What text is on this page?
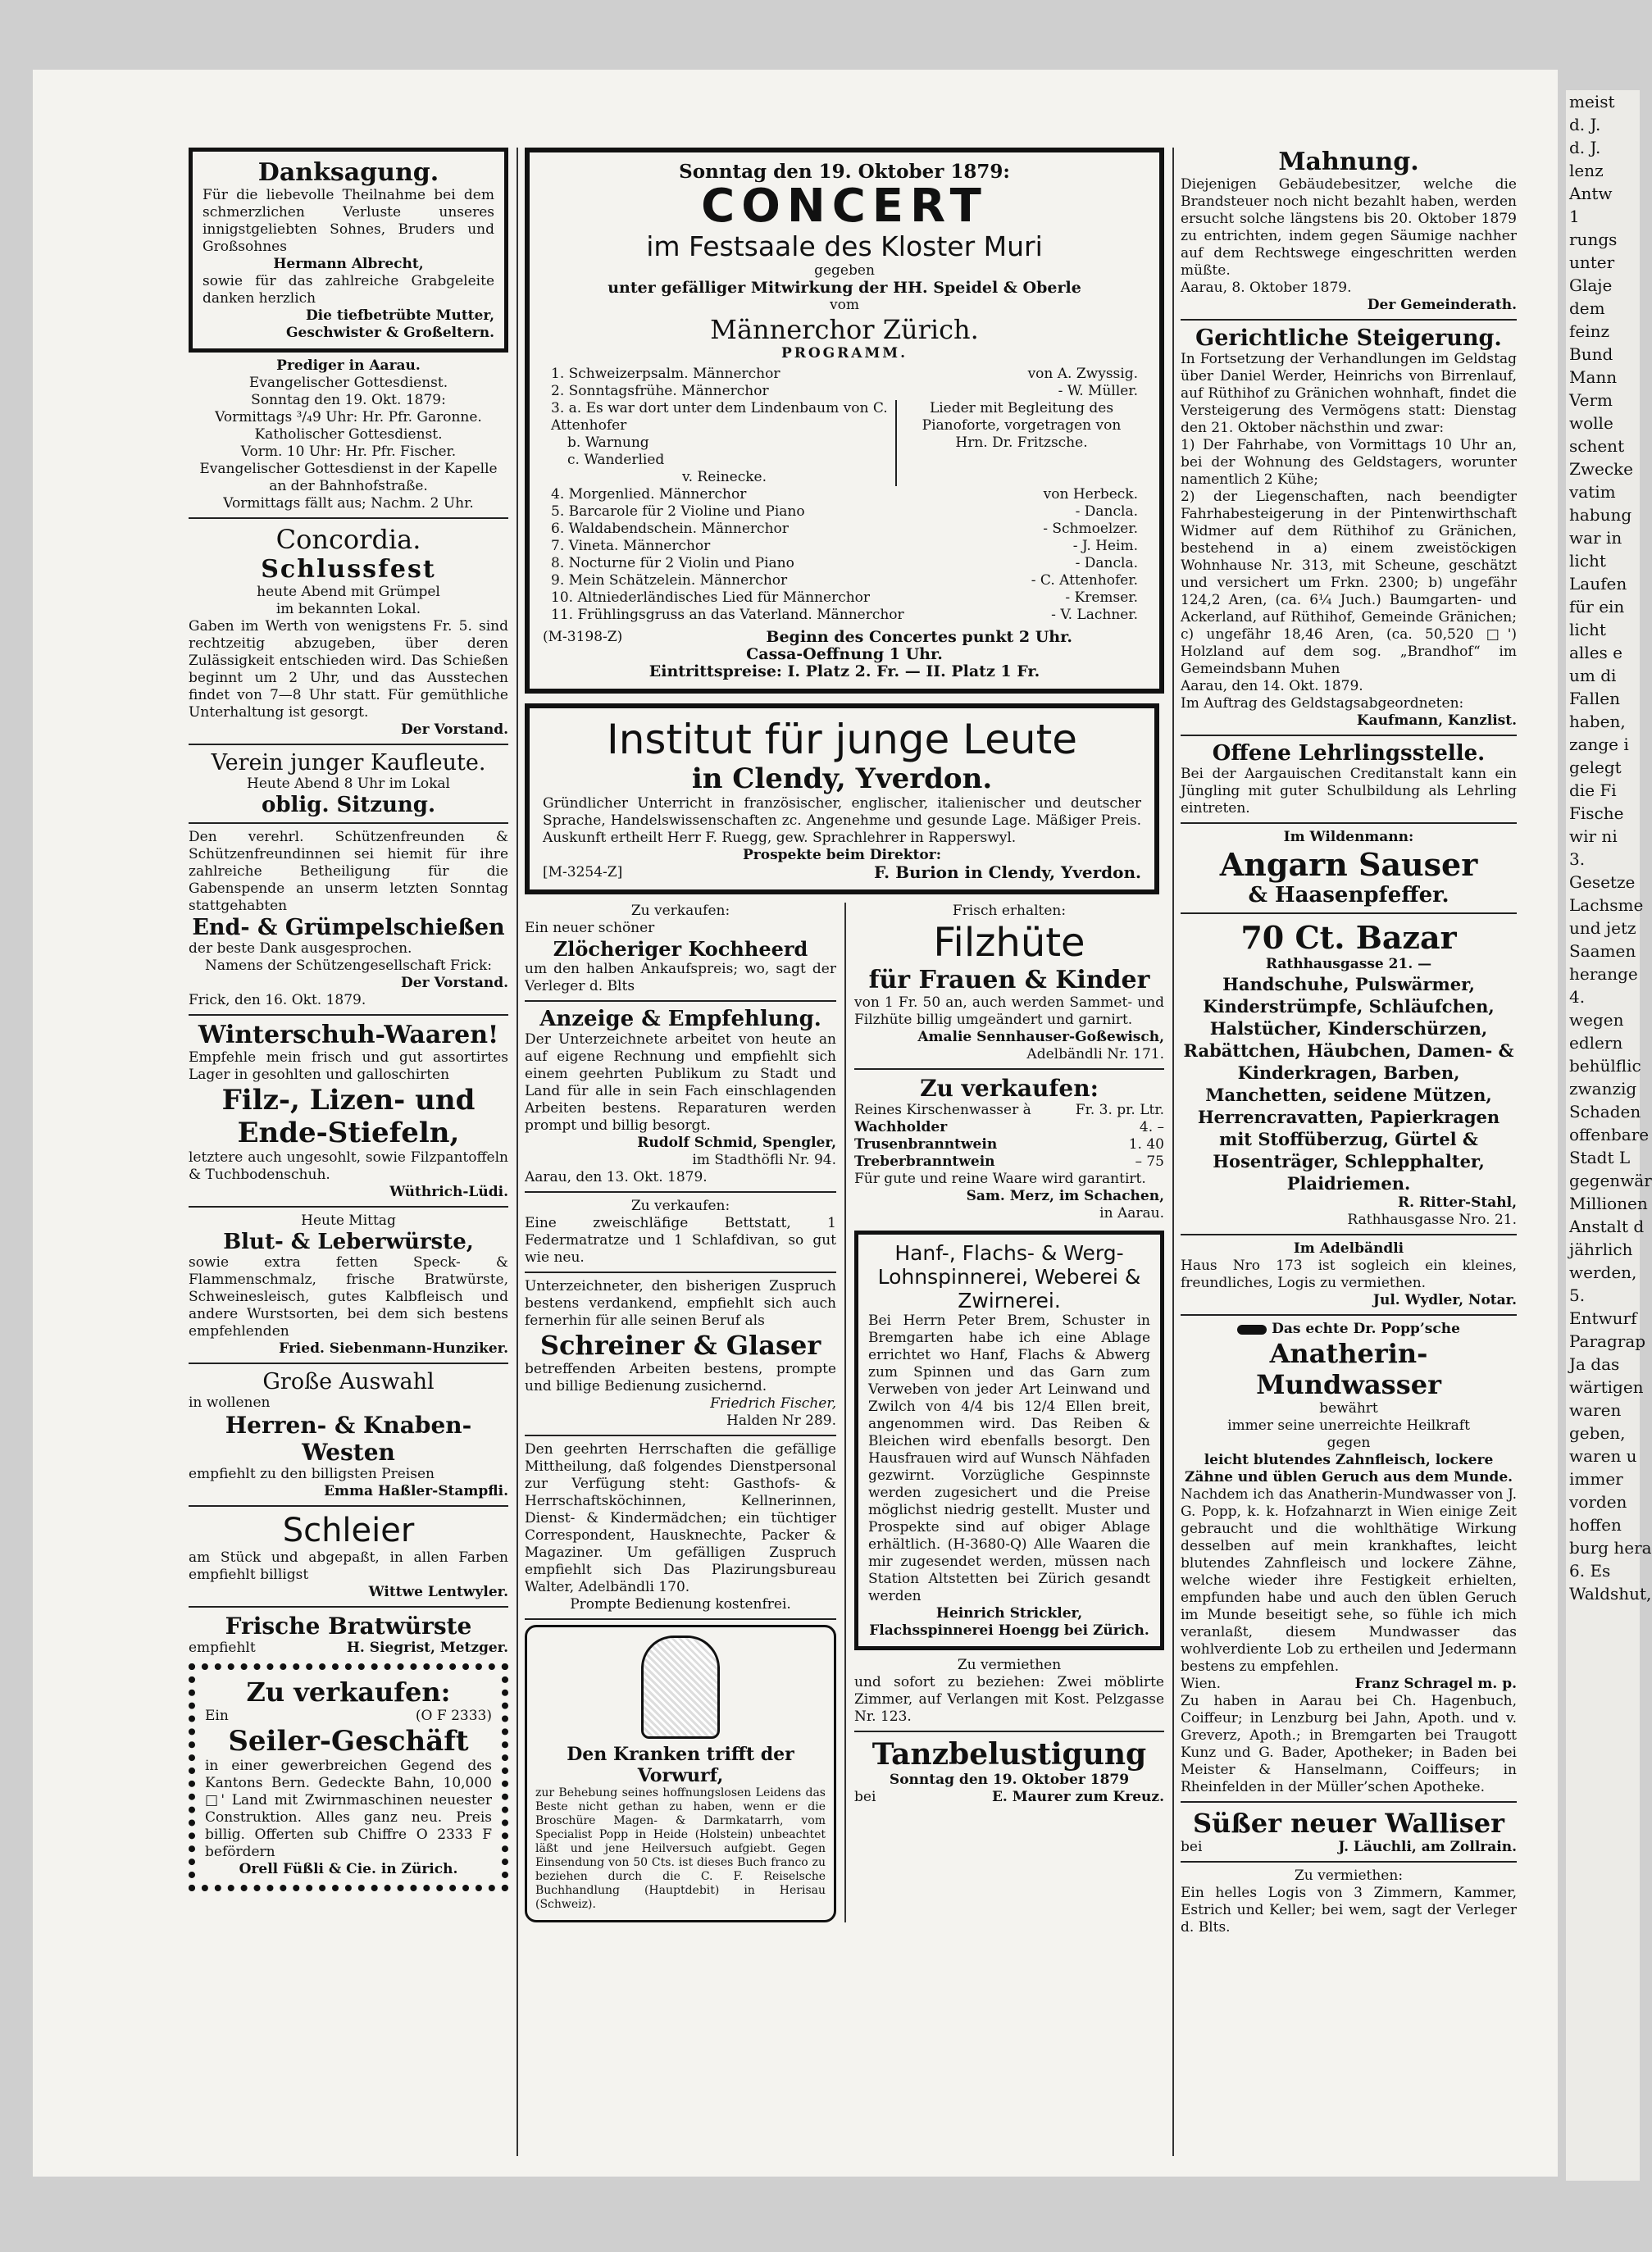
meist
d. J.
d. J.
lenz
Antw
1
rungs
unter
Glaje
dem
feinz
Bund
Mann
Verm
wolle
schent
Zwecke
vatim
habung
war in
licht
Laufen
für ein
licht
alles e
um di
Fallen
haben,
zange i
gelegt
die Fi
Fische
wir ni
3.
Gesetze
Lachsme
und jetz
Saamen
herange
4.
wegen
edlern
behülflic
zwanzig
Schaden
offenbare
Stadt L
gegenwär
Millionen
Anstalt d
jährlich
werden,
5.
Entwurf
Paragrap
Ja das
wärtigen
waren
geben,
waren u
immer
vorden
hoffen
burg hera
6. Es
Waldshut,

Danksagung.

Für die liebevolle Theilnahme bei dem schmerzlichen Verluste unseres innigstgeliebten Sohnes, Bruders und Großsohnes

Hermann Albrecht,

sowie für das zahlreiche Grabgeleite danken herzlich

Die tiefbetrübte Mutter,

Geschwister & Großeltern.

Prediger in Aarau.

Evangelischer Gottesdienst.

Sonntag den 19. Okt. 1879:

Vormittags ³/₄9 Uhr: Hr. Pfr. Garonne.

Katholischer Gottesdienst.

Vorm. 10 Uhr: Hr. Pfr. Fischer.

Evangelischer Gottesdienst in der Kapelle

an der Bahnhofstraße.

Vormittags fällt aus; Nachm. 2 Uhr.

Concordia.

Schlussfest

heute Abend mit Grümpel

im bekannten Lokal.

Gaben im Werth von wenigstens Fr. 5. sind rechtzeitig abzugeben, über deren Zulässigkeit entschieden wird. Das Schießen beginnt um 2 Uhr, und das Ausstechen findet von 7—8 Uhr statt. Für gemüthliche Unterhaltung ist gesorgt.

Der Vorstand.

Verein junger Kaufleute.

Heute Abend 8 Uhr im Lokal

oblig. Sitzung.

Den verehrl. Schützenfreunden & Schützenfreundinnen sei hiemit für ihre zahlreiche Betheiligung für die Gabenspende an unserm letzten Sonntag stattgehabten

End- & Grümpelschießen

der beste Dank ausgesprochen.

Namens der Schützengesellschaft Frick:

Der Vorstand.

Frick, den 16. Okt. 1879.

Winterschuh-Waaren!

Empfehle mein frisch und gut assortirtes Lager in gesohlten und galloschirten

Filz-, Lizen- und

Ende-Stiefeln,

letztere auch ungesohlt, sowie Filzpantoffeln & Tuchbodenschuh.

Wüthrich-Lüdi.

Heute Mittag

Blut- & Leberwürste,

sowie extra fetten Speck- & Flammenschmalz, frische Bratwürste, Schweinesleisch, gutes Kalbfleisch und andere Wurstsorten, bei dem sich bestens empfehlenden

Fried. Siebenmann-Hunziker.

Große Auswahl

in wollenen

Herren- & Knaben-Westen

empfiehlt zu den billigsten Preisen

Emma Haßler-Stampfli.

Schleier

am Stück und abgepaßt, in allen Farben empfiehlt billigst

Wittwe Lentwyler.

Frische Bratwürste

empfiehlt	H. Siegrist, Metzger.

Zu verkaufen:

Ein	(O F 2333)

Seiler-Geschäft

in einer gewerbreichen Gegend des Kantons Bern. Gedeckte Bahn, 10,000 □' Land mit Zwirnmaschinen neuester Construktion. Alles ganz neu. Preis billig. Offerten sub Chiffre O 2333 F befördern

Orell Füßli & Cie. in Zürich.

Sonntag den 19. Oktober 1879:

CONCERT

im Festsaale des Kloster Muri

gegeben

unter gefälliger Mitwirkung der HH. Speidel & Oberle

vom

Männerchor Zürich.

PROGRAMM.

1. Schweizerpsalm. Männerchor	von A. Zwyssig.
2. Sonntagsfrühe. Männerchor	- W. Müller.
3. a. Es war dort unter dem Lindenbaum von C. Attenhofer
b. Warnung
c. Wanderlied
v. Reinecke.
Lieder mit Begleitung des Pianoforte, vorgetragen von Hrn. Dr. Fritzsche.
4. Morgenlied. Männerchor	von Herbeck.
5. Barcarole für 2 Violine und Piano	- Dancla.
6. Waldabendschein. Männerchor	- Schmoelzer.
7. Vineta. Männerchor	- J. Heim.
8. Nocturne für 2 Violin und Piano	- Dancla.
9. Mein Schätzelein. Männerchor	- C. Attenhofer.
10. Altniederländisches Lied für Männerchor	- Kremser.
11. Frühlingsgruss an das Vaterland. Männerchor	- V. Lachner.
(M-3198-Z)	Beginn des Concertes punkt 2 Uhr.

Cassa-Oeffnung 1 Uhr.

Eintrittspreise: I. Platz 2. Fr. — II. Platz 1 Fr.

Institut für junge Leute

in Clendy, Yverdon.

Gründlicher Unterricht in französischer, englischer, italienischer und deutscher Sprache, Handelswissenschaften zc. Angenehme und gesunde Lage. Mäßiger Preis. Auskunft ertheilt Herr F. Ruegg, gew. Sprachlehrer in Rapperswyl.

Prospekte beim Direktor:

[M-3254-Z]	F. Burion in Clendy, Yverdon.

Zu verkaufen:

Ein neuer schöner

Zlöcheriger Kochheerd

um den halben Ankaufspreis; wo, sagt der Verleger d. Blts

Anzeige & Empfehlung.

Der Unterzeichnete arbeitet von heute an auf eigene Rechnung und empfiehlt sich einem geehrten Publikum zu Stadt und Land für alle in sein Fach einschlagenden Arbeiten bestens. Reparaturen werden prompt und billig besorgt.

Rudolf Schmid, Spengler,

im Stadthöfli Nr. 94.

Aarau, den 13. Okt. 1879.

Zu verkaufen:

Eine zweischläfige Bettstatt, 1 Federmatratze und 1 Schlafdivan, so gut wie neu.

Unterzeichneter, den bisherigen Zuspruch bestens verdankend, empfiehlt sich auch fernerhin für alle seinen Beruf als

Schreiner & Glaser

betreffenden Arbeiten bestens, prompte und billige Bedienung zusichernd.

Friedrich Fischer,

Halden Nr 289.

Den geehrten Herrschaften die gefällige Mittheilung, daß folgendes Dienstpersonal zur Verfügung steht: Gasthofs- & Herrschaftsköchinnen, Kellnerinnen, Dienst- & Kindermädchen; ein tüchtiger Correspondent, Hausknechte, Packer & Magaziner. Um gefälligen Zuspruch empfiehlt sich Das Plazirungsbureau Walter, Adelbändli 170.

Prompte Bedienung kostenfrei.

Den Kranken trifft der Vorwurf,

zur Behebung seines hoffnungslosen Leidens das Beste nicht gethan zu haben, wenn er die Broschüre Magen- & Darmkatarrh, vom Specialist Popp in Heide (Holstein) unbeachtet läßt und jene Heilversuch aufgiebt. Gegen Einsendung von 50 Cts. ist dieses Buch franco zu beziehen durch die C. F. Reiselsche Buchhandlung (Hauptdebit) in Herisau (Schweiz).

Frisch erhalten:

Filzhüte

für Frauen & Kinder

von 1 Fr. 50 an, auch werden Sammet- und Filzhüte billig umgeändert und garnirt.

Amalie Sennhauser-Goßewisch,

Adelbändli Nr. 171.

Zu verkaufen:

Reines Kirschenwasser à	Fr. 3. pr. Ltr.
Wachholder	4. –
Trusenbranntwein	1. 40
Treberbranntwein	– 75

Für gute und reine Waare wird garantirt.

Sam. Merz, im Schachen,

in Aarau.

Hanf-, Flachs- & Werg-Lohnspinnerei, Weberei & Zwirnerei.

Bei Herrn Peter Brem, Schuster in Bremgarten habe ich eine Ablage errichtet wo Hanf, Flachs & Abwerg zum Spinnen und das Garn zum Verweben von jeder Art Leinwand und Zwilch von 4/4 bis 12/4 Ellen breit, angenommen wird. Das Reiben & Bleichen wird ebenfalls besorgt. Den Hausfrauen wird auf Wunsch Nähfaden gezwirnt. Vorzügliche Gespinnste werden zugesichert und die Preise möglichst niedrig gestellt. Muster und Prospekte sind auf obiger Ablage erhältlich. (H-3680-Q) Alle Waaren die mir zugesendet werden, müssen nach Station Altstetten bei Zürich gesandt werden

Heinrich Strickler,

Flachsspinnerei Hoengg bei Zürich.

Zu vermiethen

und sofort zu beziehen: Zwei möblirte Zimmer, auf Verlangen mit Kost. Pelzgasse Nr. 123.

Tanzbelustigung

Sonntag den 19. Oktober 1879

bei	E. Maurer zum Kreuz.

Mahnung.

Diejenigen Gebäudebesitzer, welche die Brandsteuer noch nicht bezahlt haben, werden ersucht solche längstens bis 20. Oktober 1879 zu entrichten, indem gegen Säumige nachher auf dem Rechtswege eingeschritten werden müßte.

Aarau, 8. Oktober 1879.

Der Gemeinderath.

Gerichtliche Steigerung.

In Fortsetzung der Verhandlungen im Geldstag über Daniel Werder, Heinrichs von Birrenlauf, auf Rüthihof zu Gränichen wohnhaft, findet die Versteigerung des Vermögens statt: Dienstag den 21. Oktober nächsthin und zwar:

1) Der Fahrhabe, von Vormittags 10 Uhr an, bei der Wohnung des Geldstagers, worunter namentlich 2 Kühe;

2) der Liegenschaften, nach beendigter Fahrhabesteigerung in der Pintenwirthschaft Widmer auf dem Rüthihof zu Gränichen, bestehend in a) einem zweistöckigen Wohnhause Nr. 313, mit Scheune, geschätzt und versichert um Frkn. 2300; b) ungefähr 124,2 Aren, (ca. 6¼ Juch.) Baumgarten- und Ackerland, auf Rüthihof, Gemeinde Gränichen; c) ungefähr 18,46 Aren, (ca. 50,520 □') Holzland auf dem sog. „Brandhof“ im Gemeindsbann Muhen

Aarau, den 14. Okt. 1879.

Im Auftrag des Geldstagsabgeordneten:

Kaufmann, Kanzlist.

Offene Lehrlingsstelle.

Bei der Aargauischen Creditanstalt kann ein Jüngling mit guter Schulbildung als Lehrling eintreten.

Im Wildenmann:

Angarn Sauser

& Haasenpfeffer.

70 Ct. Bazar

Rathhausgasse 21. —

Handschuhe, Pulswärmer, Kinderstrümpfe, Schläufchen, Halstücher, Kinderschürzen, Rabättchen, Häubchen, Damen- & Kinderkragen, Barben, Manchetten, seidene Mützen, Herrencravatten, Papierkragen mit Stoffüberzug, Gürtel & Hosenträger, Schlepphalter, Plaidriemen.

R. Ritter-Stahl,

Rathhausgasse Nro. 21.

Im Adelbändli

Haus Nro 173 ist sogleich ein kleines, freundliches, Logis zu vermiethen.

Jul. Wydler, Notar.

Das echte Dr. Popp’sche

Anatherin-Mundwasser

bewährt

immer seine unerreichte Heilkraft

gegen

leicht blutendes Zahnfleisch, lockere Zähne und üblen Geruch aus dem Munde.

Nachdem ich das Anatherin-Mundwasser von J. G. Popp, k. k. Hofzahnarzt in Wien einige Zeit gebraucht und die wohlthätige Wirkung desselben auf mein krankhaftes, leicht blutendes Zahnfleisch und lockere Zähne, welche wieder ihre Festigkeit erhielten, empfunden habe und auch den üblen Geruch im Munde beseitigt sehe, so fühle ich mich veranlaßt, diesem Mundwasser das wohlverdiente Lob zu ertheilen und Jedermann bestens zu empfehlen.

Wien.	Franz Schragel m. p.

Zu haben in Aarau bei Ch. Hagenbuch, Coiffeur; in Lenzburg bei Jahn, Apoth. und v. Greverz, Apoth.; in Bremgarten bei Traugott Kunz und G. Bader, Apotheker; in Baden bei Meister & Hanselmann, Coiffeurs; in Rheinfelden in der Müller’schen Apotheke.

Süßer neuer Walliser

bei	J. Läuchli, am Zollrain.

Zu vermiethen:

Ein helles Logis von 3 Zimmern, Kammer, Estrich und Keller; bei wem, sagt der Verleger d. Blts.
